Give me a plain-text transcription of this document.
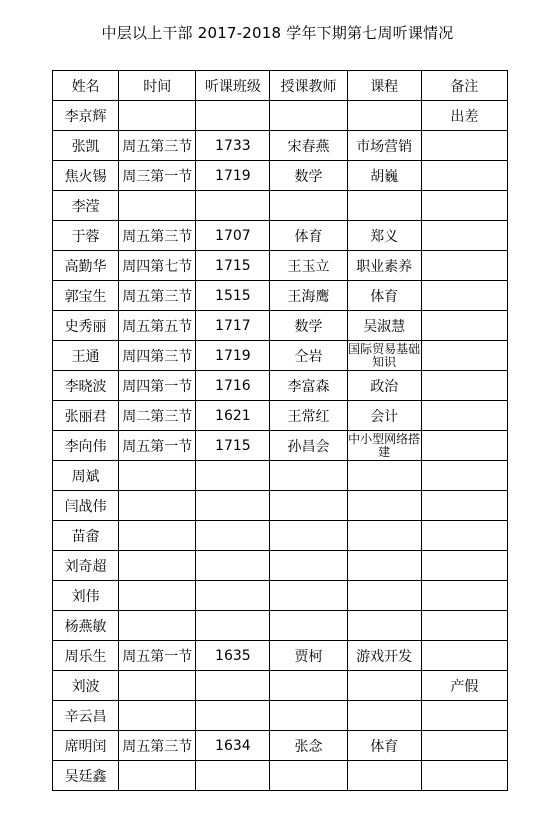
中层以上干部 2017-2018 学年下期第七周听课情况
姓名	时间	听课班级	授课教师	课程	备注
李京辉					出差
张凯	周五第三节	1733	宋春燕	市场营销	
焦火锡	周三第一节	1719	数学	胡巍	
李滢					
于蓉	周五第三节	1707	体育	郑义	
高勤华	周四第七节	1715	王玉立	职业素养	
郭宝生	周五第三节	1515	王海鹰	体育	
史秀丽	周五第五节	1717	数学	吴淑慧	
王通	周四第三节	1719	仝岩	国际贸易基础知识	
李晓波	周四第一节	1716	李富森	政治	
张丽君	周二第三节	1621	王常红	会计	
李向伟	周五第一节	1715	孙昌会	中小型网络搭建	
周斌					
闫战伟					
苗畲					
刘奇超					
刘伟					
杨燕敏					
周乐生	周五第一节	1635	贾柯	游戏开发	
刘波					产假
辛云昌					
席明闰	周五第三节	1634	张念	体育	
吴廷鑫					
